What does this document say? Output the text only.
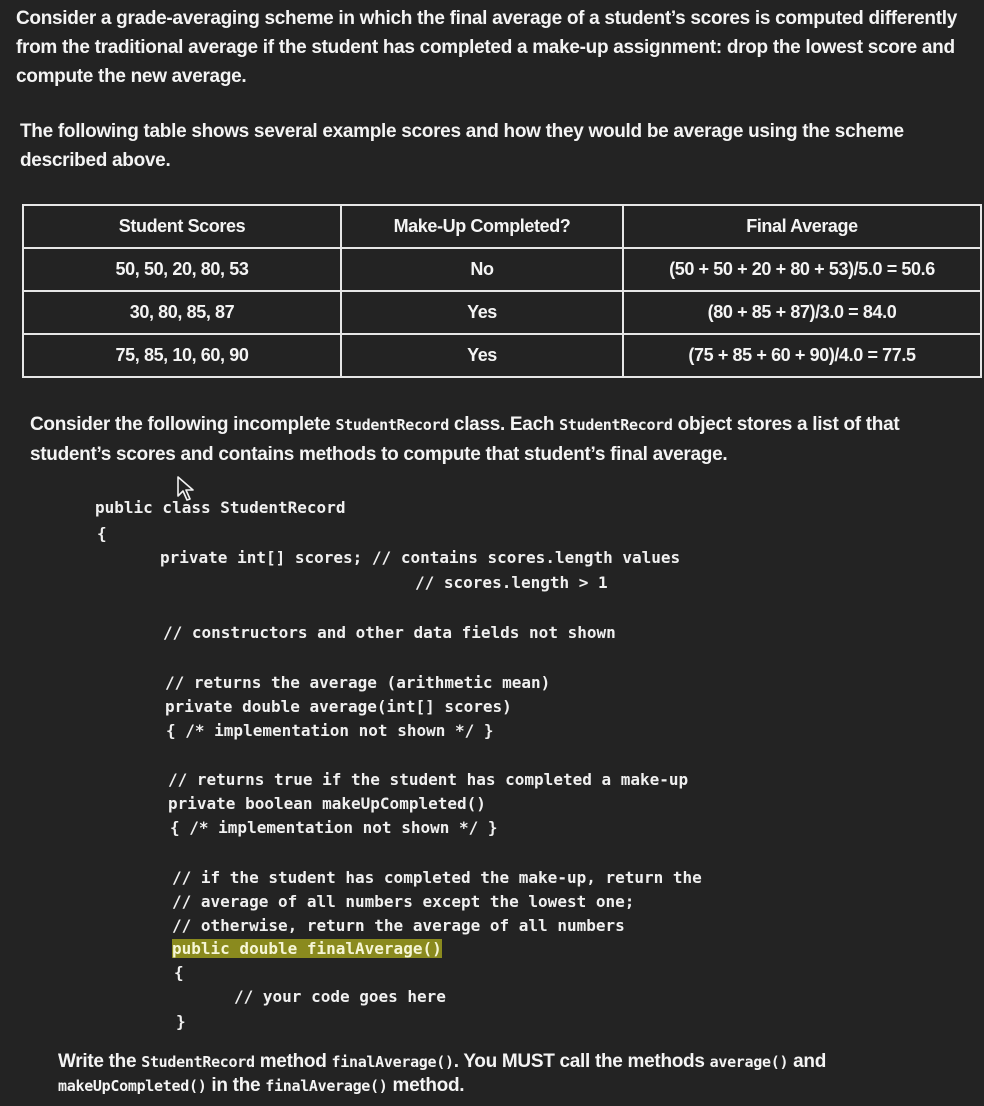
Consider a grade-averaging scheme in which the final average of a student’s scores is computed differently from the traditional average if the student has completed a make-up assignment: drop the lowest score and compute the new average.
The following table shows several example scores and how they would be average using the scheme described above.
Student Scores	Make-Up Completed?	Final Average
50, 50, 20, 80, 53	No	(50 + 50 + 20 + 80 + 53)/5.0 = 50.6
30, 80, 85, 87	Yes	(80 + 85 + 87)/3.0 = 84.0
75, 85, 10, 60, 90	Yes	(75 + 85 + 60 + 90)/4.0 = 77.5
Consider the following incomplete StudentRecord class. Each StudentRecord object stores a list of that student’s scores and contains methods to compute that student’s final average.
public class StudentRecord
{
private int[] scores; // contains scores.length values
// scores.length > 1
// constructors and other data fields not shown
// returns the average (arithmetic mean)
private double average(int[] scores)
{ /* implementation not shown */ }
// returns true if the student has completed a make-up
private boolean makeUpCompleted()
{ /* implementation not shown */ }
// if the student has completed the make-up, return the
// average of all numbers except the lowest one;
// otherwise, return the average of all numbers
public double finalAverage()
{
// your code goes here
}
Write the StudentRecord method finalAverage(). You MUST call the methods average() and makeUpCompleted() in the finalAverage() method.
